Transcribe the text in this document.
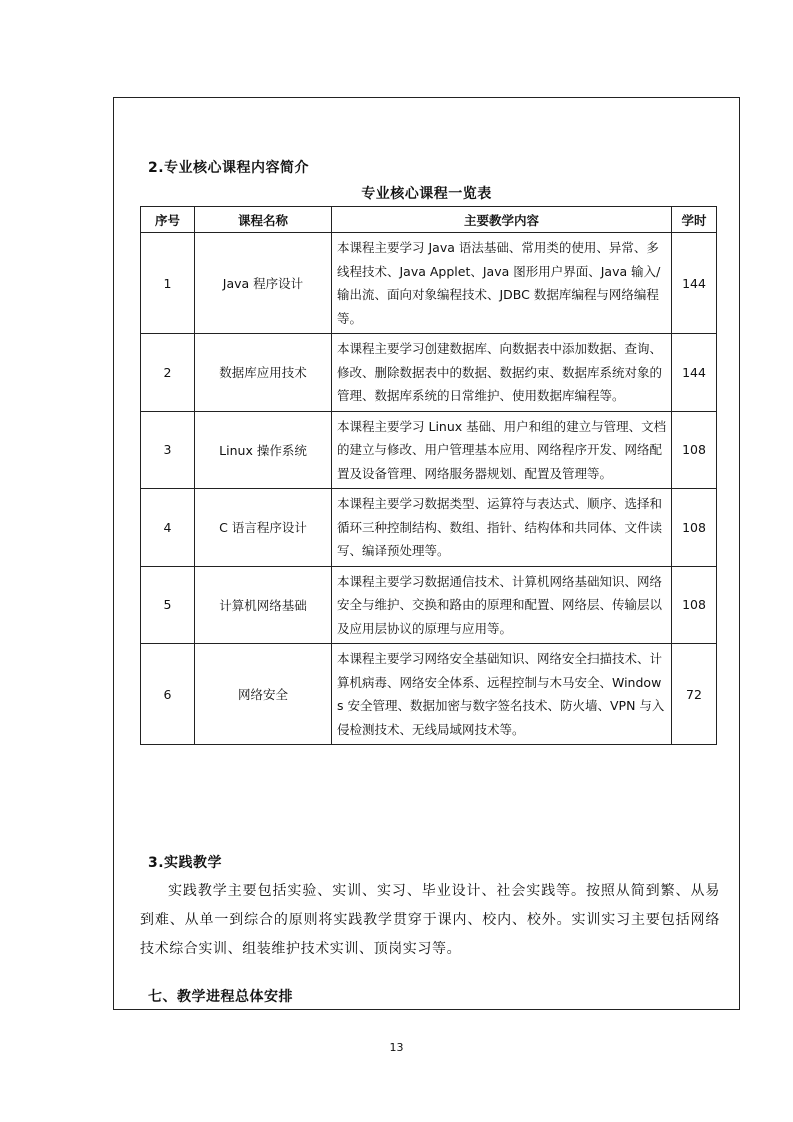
2.专业核心课程内容简介
专业核心课程一览表
序号	课程名称	主要教学内容	学时
1	Java 程序设计	本课程主要学习 Java 语法基础、常用类的使用、异常、多线程技术、Java Applet、Java 图形用户界面、Java 输入/输出流、面向对象编程技术、JDBC 数据库编程与网络编程等。	144
2	数据库应用技术	本课程主要学习创建数据库、向数据表中添加数据、查询、 修改、删除数据表中的数据、数据约束、数据库系统对象的管理、数据库系统的日常维护、使用数据库编程等。	144
3	Linux 操作系统	本课程主要学习 Linux 基础、用户和组的建立与管理、文档的建立与修改、用户管理基本应用、网络程序开发、网络配置及设备管理、网络服务器规划、配置及管理等。	108
4	C 语言程序设计	本课程主要学习数据类型、运算符与表达式、顺序、选择和循环三种控制结构、数组、指针、结构体和共同体、文件读写、编译预处理等。	108
5	计算机网络基础	本课程主要学习数据通信技术、计算机网络基础知识、网络安全与维护、交换和路由的原理和配置、网络层、传输层以及应用层协议的原理与应用等。	108
6	网络安全	本课程主要学习网络安全基础知识、网络安全扫描技术、计算机病毒、网络安全体系、远程控制与木马安全、Windows 安全管理、数据加密与数字签名技术、防火墙、VPN 与入侵检测技术、无线局域网技术等。	72
3.实践教学

实践教学主要包括实验、实训、实习、毕业设计、社会实践等。按照从简到繁、从易到难、从单一到综合的原则将实践教学贯穿于课内、校内、校外。实训实习主要包括网络技术综合实训、组装维护技术实训、顶岗实习等。

七、教学进程总体安排
13
